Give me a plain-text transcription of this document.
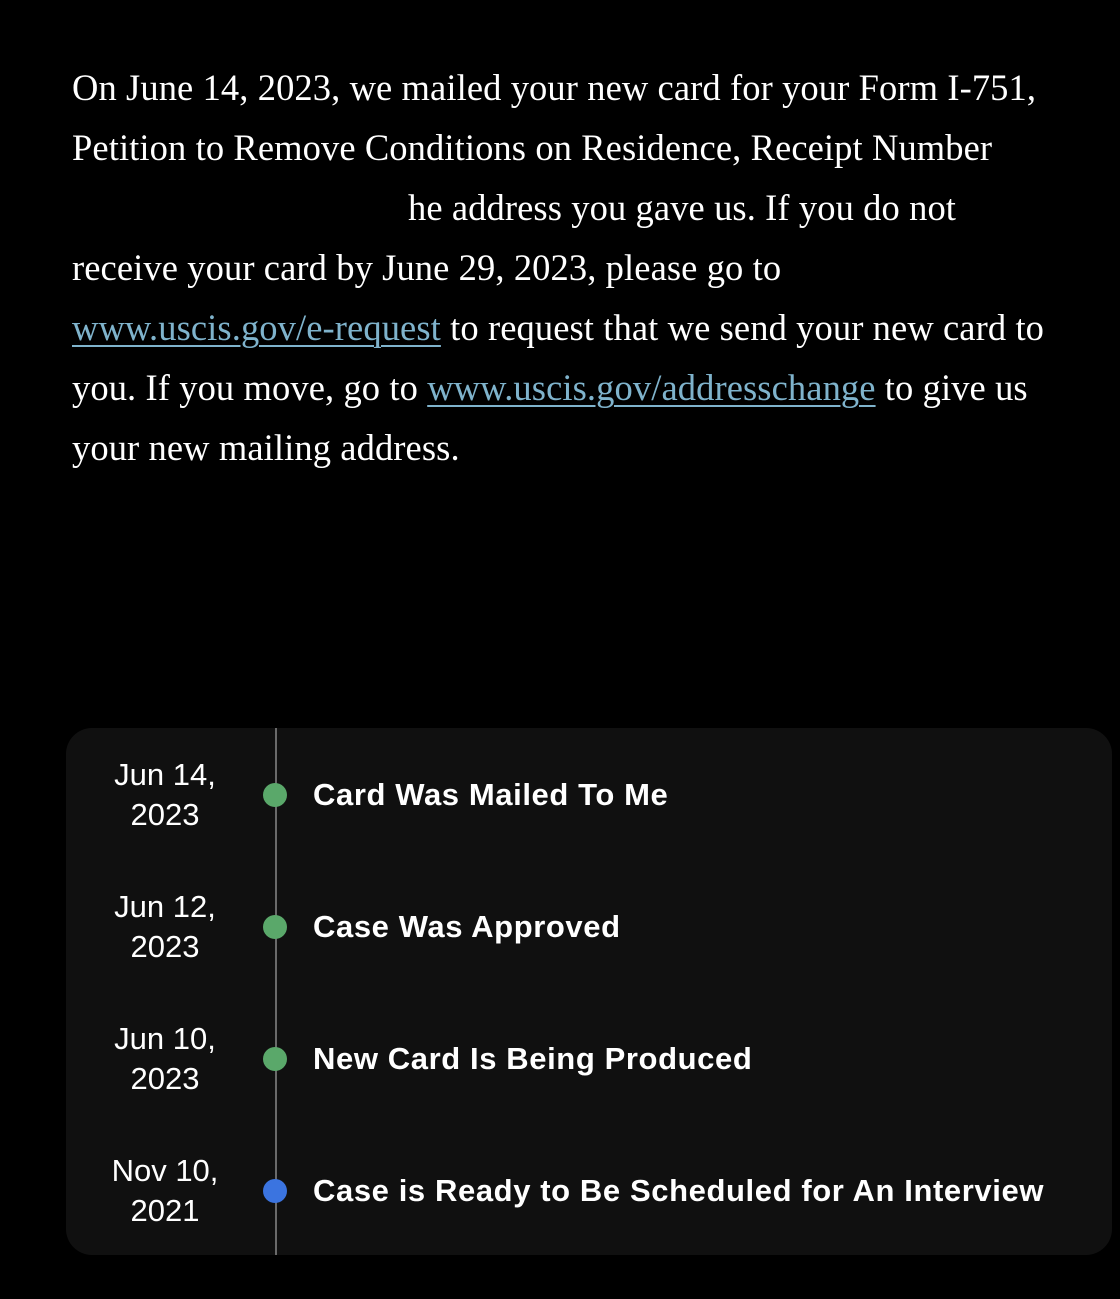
On June 14, 2023, we mailed your new card for your Form I-751,
Petition to Remove Conditions on Residence, Receipt Number
he address you gave us. If you do not
receive your card by June 29, 2023, please go to
www.uscis.gov/e-request to request that we send your new card to
you. If you move, go to www.uscis.gov/addresschange to give us
your new mailing address.

Jun 14,
2023
Card Was Mailed To Me
Jun 12,
2023
Case Was Approved
Jun 10,
2023
New Card Is Being Produced
Nov 10,
2021
Case is Ready to Be Scheduled for An Interview
